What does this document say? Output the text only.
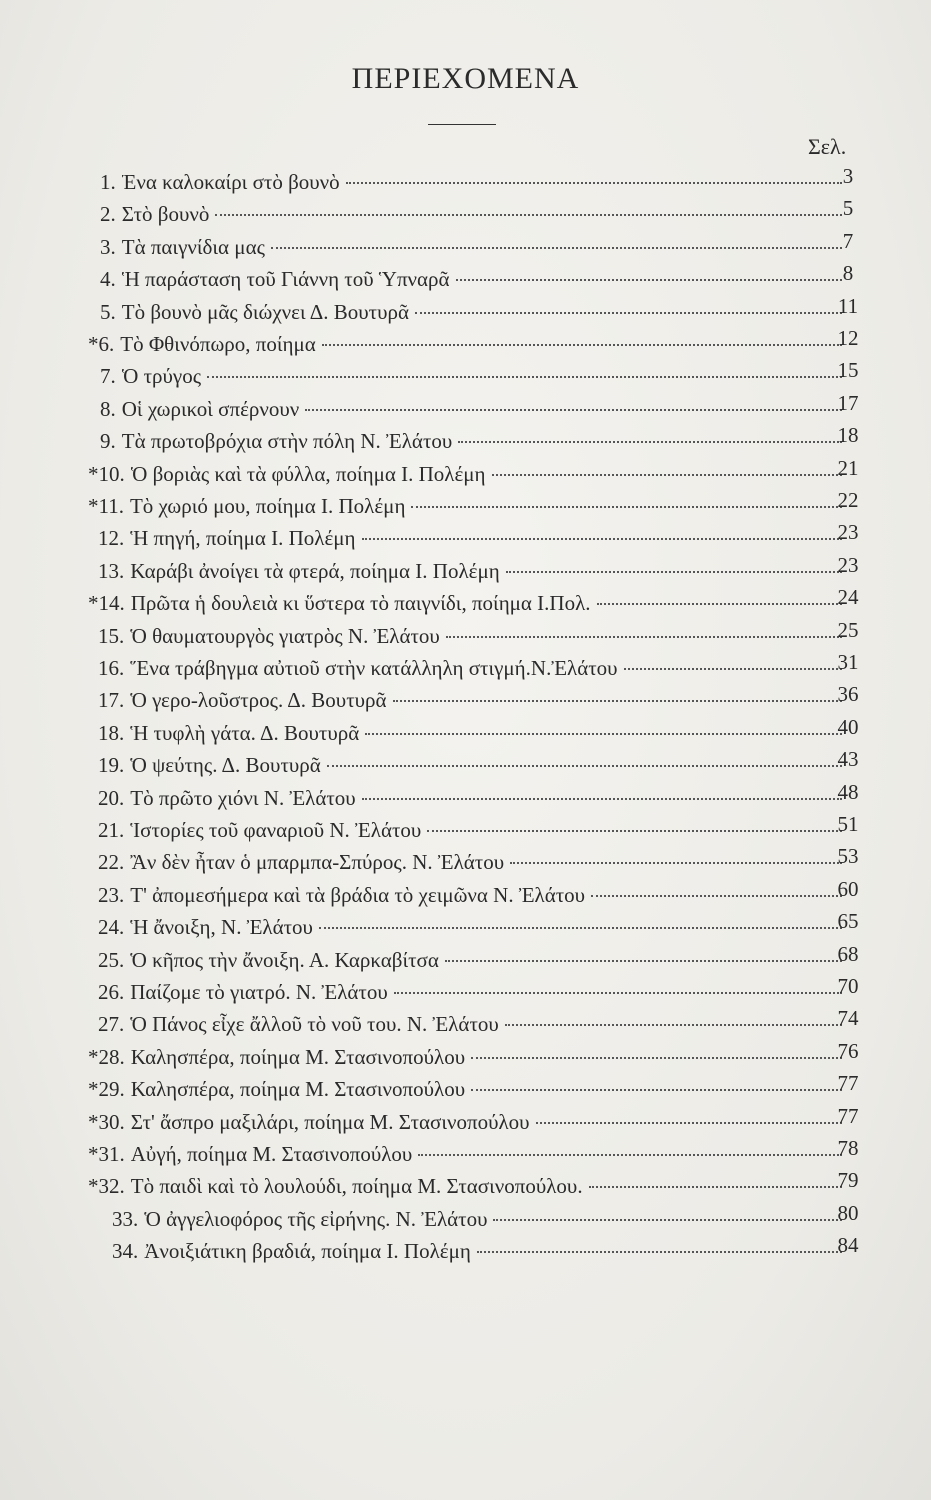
ΠΕΡΙΕΧΟΜΕΝΑ
Σελ.
1. Ένα καλοκαίρι στὸ βουνὸ	3
2. Στὸ βουνὸ	5
3. Τὰ παιγνίδια μας	7
4. Ἡ παράσταση τοῦ Γιάννη τοῦ Ὑπναρᾶ	8
5. Τὸ βουνὸ μᾶς διώχνει Δ. Βουτυρᾶ	11
*6. Τὸ Φθινόπωρο, ποίημα	12
7. Ὁ τρύγος	15
8. Οἱ χωρικοὶ σπέρνουν	17
9. Τὰ πρωτοβρόχια στὴν πόλη Ν. Ἐλάτου	18
*10. Ὁ βοριὰς καὶ τὰ φύλλα, ποίημα Ι. Πολέμη	21
*11. Τὸ χωριό μου, ποίημα Ι. Πολέμη	22
12. Ἡ πηγή, ποίημα Ι. Πολέμη	23
13. Καράβι ἀνοίγει τὰ φτερά, ποίημα Ι. Πολέμη	23
*14. Πρῶτα ἡ δουλειὰ κι ὕστερα τὸ παιγνίδι, ποίημα Ι.Πολ.	24
15. Ὁ θαυματουργὸς γιατρὸς Ν. Ἐλάτου	25
16. Ἕνα τράβηγμα αὐτιοῦ στὴν κατάλληλη στιγμή.Ν.Ἐλάτου	31
17. Ὁ γερο-λοῦστρος. Δ. Βουτυρᾶ	36
18. Ἡ τυφλὴ γάτα. Δ. Βουτυρᾶ	40
19. Ὁ ψεύτης. Δ. Βουτυρᾶ	43
20. Τὸ πρῶτο χιόνι Ν. Ἐλάτου	48
21. Ἱστορίες τοῦ φαναριοῦ Ν. Ἐλάτου	51
22. Ἂν δὲν ἦταν ὁ μπαρμπα-Σπύρος. Ν. Ἐλάτου	53
23. Τ' ἀπομεσήμερα καὶ τὰ βράδια τὸ χειμῶνα Ν. Ἐλάτου	60
24. Ἡ ἄνοιξη, Ν. Ἐλάτου	65
25. Ὁ κῆπος τὴν ἄνοιξη. Α. Καρκαβίτσα	68
26. Παίζομε τὸ γιατρό. Ν. Ἐλάτου	70
27. Ὁ Πάνος εἶχε ἄλλοῦ τὸ νοῦ του. Ν. Ἐλάτου	74
*28. Καλησπέρα, ποίημα Μ. Στασινοπούλου	76
*29. Καλησπέρα, ποίημα Μ. Στασινοπούλου	77
*30. Στ' ἄσπρο μαξιλάρι, ποίημα Μ. Στασινοπούλου	77
*31. Αὐγή, ποίημα Μ. Στασινοπούλου	78
*32. Τὸ παιδὶ καὶ τὸ λουλούδι, ποίημα Μ. Στασινοπούλου.	79
33. Ὁ ἀγγελιοφόρος τῆς εἰρήνης. Ν. Ἐλάτου	80
34. Ἀνοιξιάτικη βραδιά, ποίημα Ι. Πολέμη	84
